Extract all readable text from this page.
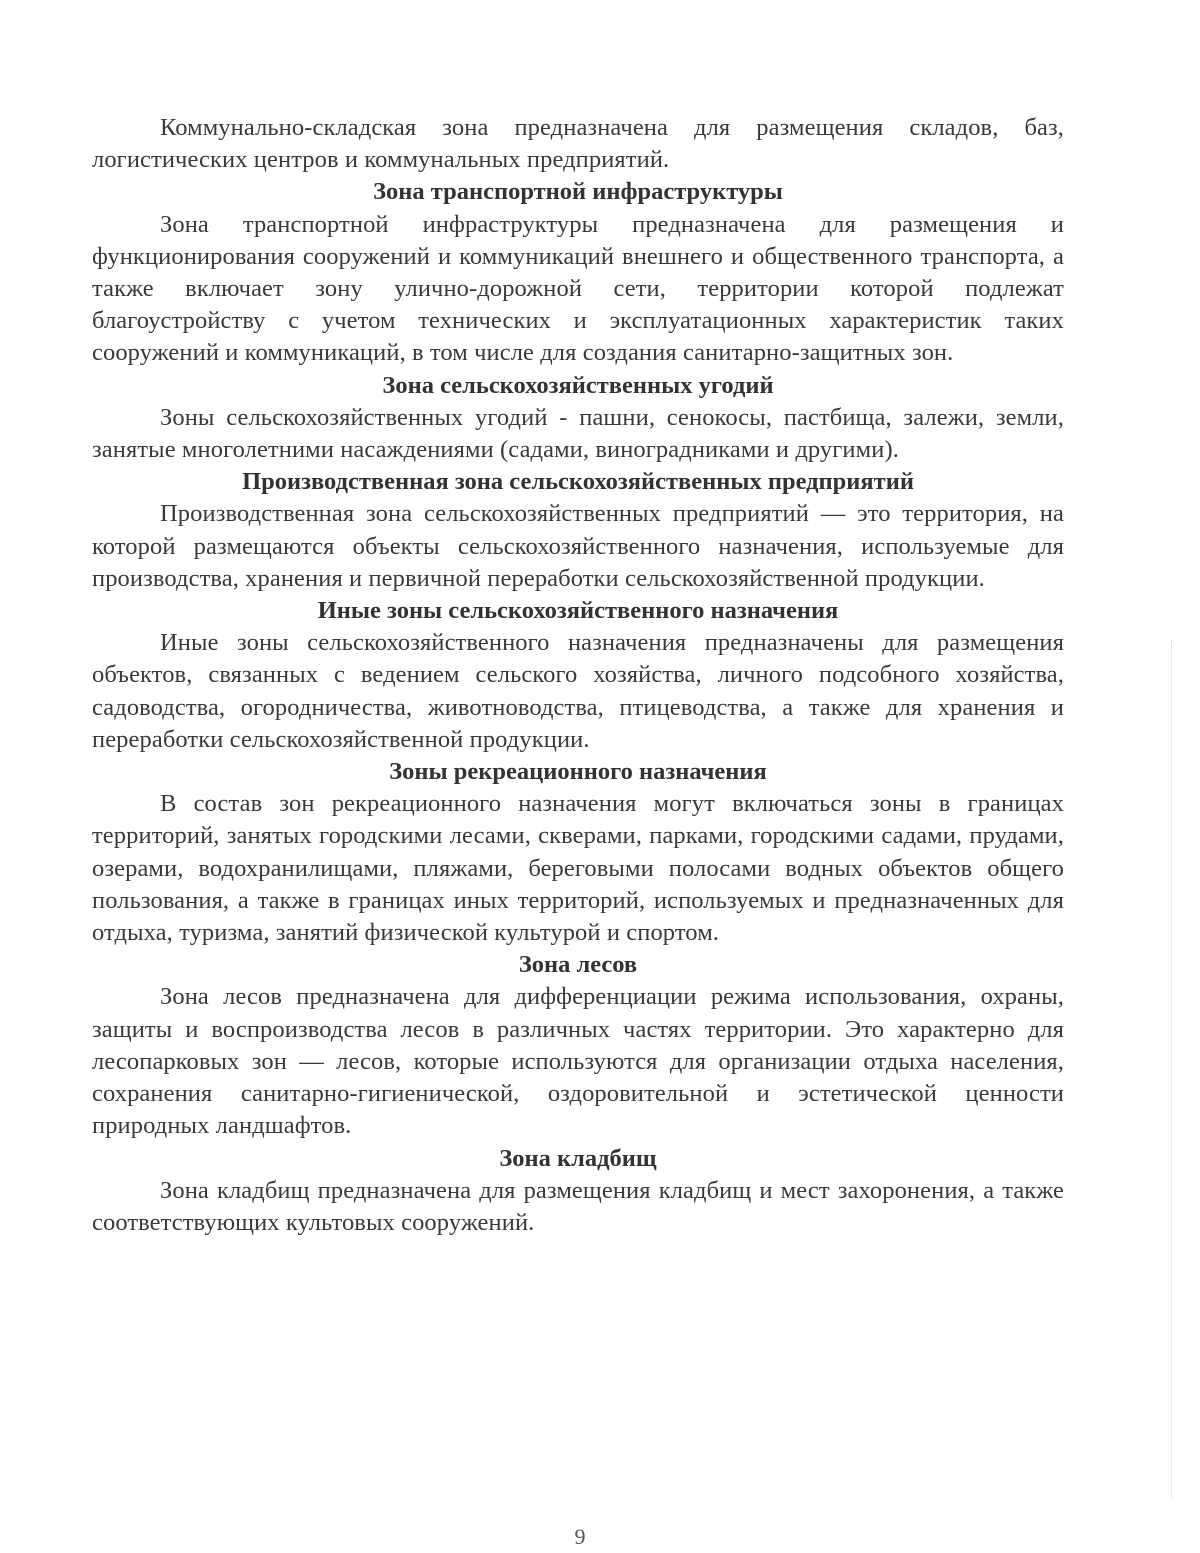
Коммунально-складская зона предназначена для размещения складов, баз, логистических центров и коммунальных предприятий.

Зона транспортной инфраструктуры

Зона транспортной инфраструктуры предназначена для размещения и функционирования сооружений и коммуникаций внешнего и общественного транспорта, а также включает зону улично-дорожной сети, территории которой подлежат благоустройству с учетом технических и эксплуатационных характеристик таких сооружений и коммуникаций, в том числе для создания санитарно-защитных зон.

Зона сельскохозяйственных угодий

Зоны сельскохозяйственных угодий - пашни, сенокосы, пастбища, залежи, земли, занятые многолетними насаждениями (садами, виноградниками и другими).

Производственная зона сельскохозяйственных предприятий

Производственная зона сельскохозяйственных предприятий — это территория, на которой размещаются объекты сельскохозяйственного назначения, используемые для производства, хранения и первичной переработки сельскохозяйственной продукции.

Иные зоны сельскохозяйственного назначения

Иные зоны сельскохозяйственного назначения предназначены для размещения объектов, связанных с ведением сельского хозяйства, личного подсобного хозяйства, садоводства, огородничества, животноводства, птицеводства, а также для хранения и переработки сельскохозяйственной продукции.

Зоны рекреационного назначения

В состав зон рекреационного назначения могут включаться зоны в границах территорий, занятых городскими лесами, скверами, парками, городскими садами, прудами, озерами, водохранилищами, пляжами, береговыми полосами водных объектов общего пользования, а также в границах иных территорий, используемых и предназначенных для отдыха, туризма, занятий физической культурой и спортом.

Зона лесов

Зона лесов предназначена для дифференциации режима использования, охраны, защиты и воспроизводства лесов в различных частях территории. Это характерно для лесопарковых зон — лесов, которые используются для организации отдыха населения, сохранения санитарно-гигиенической, оздоровительной и эстетической ценности природных ландшафтов.

Зона кладбищ

Зона кладбищ предназначена для размещения кладбищ и мест захоронения, а также соответствующих культовых сооружений.

9
